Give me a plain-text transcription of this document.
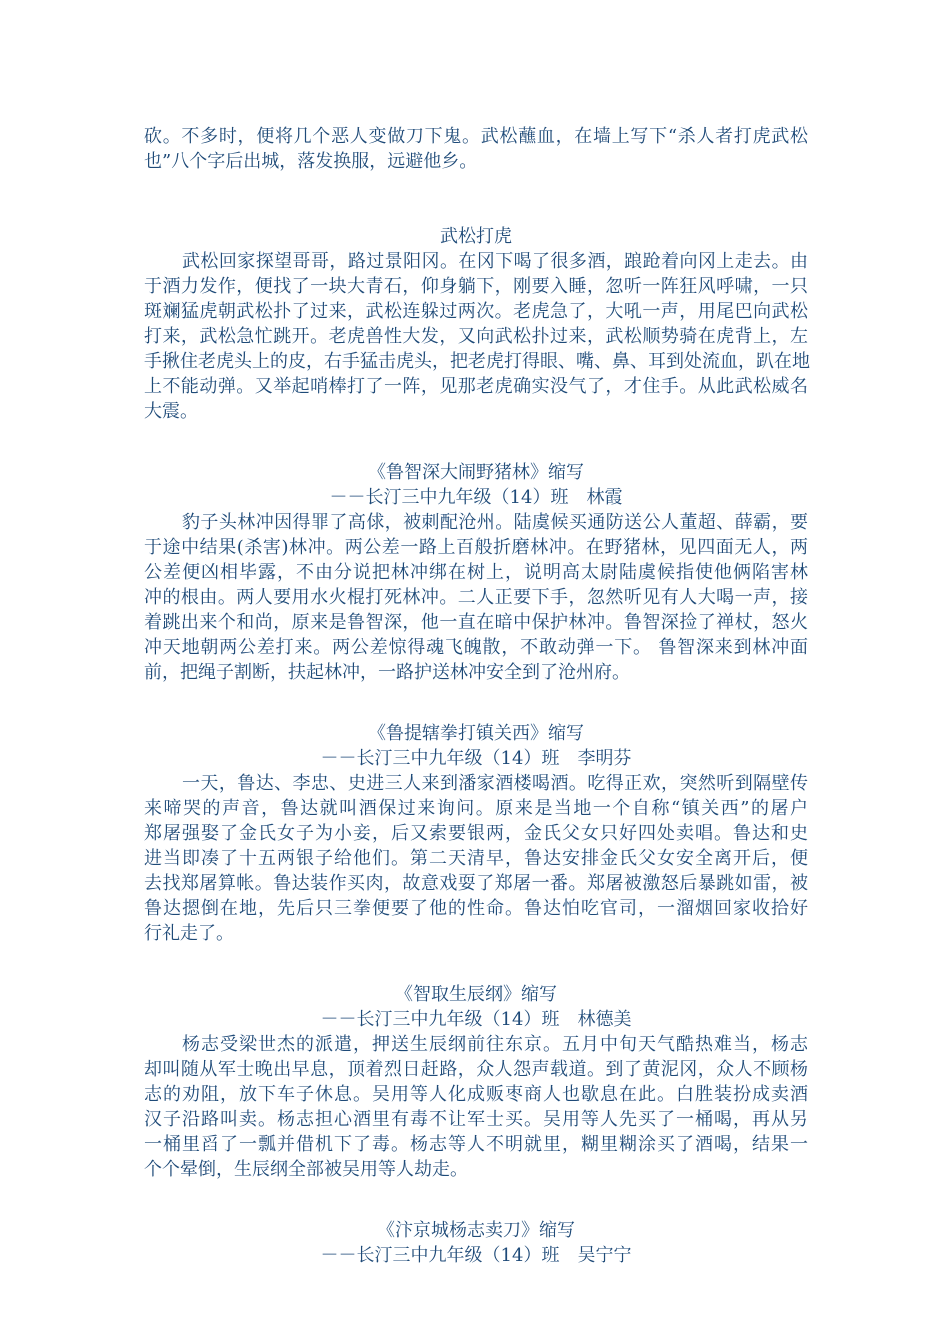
砍。不多时，便将几个恶人变做刀下鬼。武松蘸血，在墙上写下“杀人者打虎武松
也”八个字后出城，落发换服，远避他乡。
武松打虎
武松回家探望哥哥，路过景阳冈。在冈下喝了很多酒，踉跄着向冈上走去。由
于酒力发作，便找了一块大青石，仰身躺下，刚要入睡，忽听一阵狂风呼啸，一只
斑斓猛虎朝武松扑了过来，武松连躲过两次。老虎急了，大吼一声，用尾巴向武松
打来，武松急忙跳开。老虎兽性大发，又向武松扑过来，武松顺势骑在虎背上，左
手揪住老虎头上的皮，右手猛击虎头，把老虎打得眼、嘴、鼻、耳到处流血，趴在地
上不能动弹。又举起哨棒打了一阵，见那老虎确实没气了，才住手。从此武松威名
大震。
《鲁智深大闹野猪林》缩写
－－长汀三中九年级（14）班　林霞
豹子头林冲因得罪了高俅，被刺配沧州。陆虞候买通防送公人董超、薛霸，要
于途中结果(杀害)林冲。两公差一路上百般折磨林冲。在野猪林，见四面无人，两
公差便凶相毕露，不由分说把林冲绑在树上，说明高太尉陆虞候指使他俩陷害林
冲的根由。两人要用水火棍打死林冲。二人正要下手，忽然听见有人大喝一声，接
着跳出来个和尚，原来是鲁智深，他一直在暗中保护林冲。鲁智深捡了禅杖，怒火
冲天地朝两公差打来。两公差惊得魂飞魄散，不敢动弹一下。 鲁智深来到林冲面
前，把绳子割断，扶起林冲，一路护送林冲安全到了沧州府。
《鲁提辖拳打镇关西》缩写
－－长汀三中九年级（14）班　李明芬
一天，鲁达、李忠、史进三人来到潘家酒楼喝酒。吃得正欢，突然听到隔壁传
来啼哭的声音，鲁达就叫酒保过来询问。原来是当地一个自称“镇关西”的屠户
郑屠强娶了金氏女子为小妾，后又索要银两，金氏父女只好四处卖唱。鲁达和史
进当即凑了十五两银子给他们。第二天清早，鲁达安排金氏父女安全离开后，便
去找郑屠算帐。鲁达装作买肉，故意戏耍了郑屠一番。郑屠被激怒后暴跳如雷，被
鲁达摁倒在地，先后只三拳便要了他的性命。鲁达怕吃官司，一溜烟回家收拾好
行礼走了。
《智取生辰纲》缩写
－－长汀三中九年级（14）班　林德美
杨志受梁世杰的派遣，押送生辰纲前往东京。五月中旬天气酷热难当，杨志
却叫随从军士晚出早息，顶着烈日赶路，众人怨声载道。到了黄泥冈，众人不顾杨
志的劝阻，放下车子休息。吴用等人化成贩枣商人也歇息在此。白胜装扮成卖酒
汉子沿路叫卖。杨志担心酒里有毒不让军士买。吴用等人先买了一桶喝，再从另
一桶里舀了一瓢并借机下了毒。杨志等人不明就里，糊里糊涂买了酒喝，结果一
个个晕倒，生辰纲全部被吴用等人劫走。
《汴京城杨志卖刀》缩写
－－长汀三中九年级（14）班　吴宁宁
